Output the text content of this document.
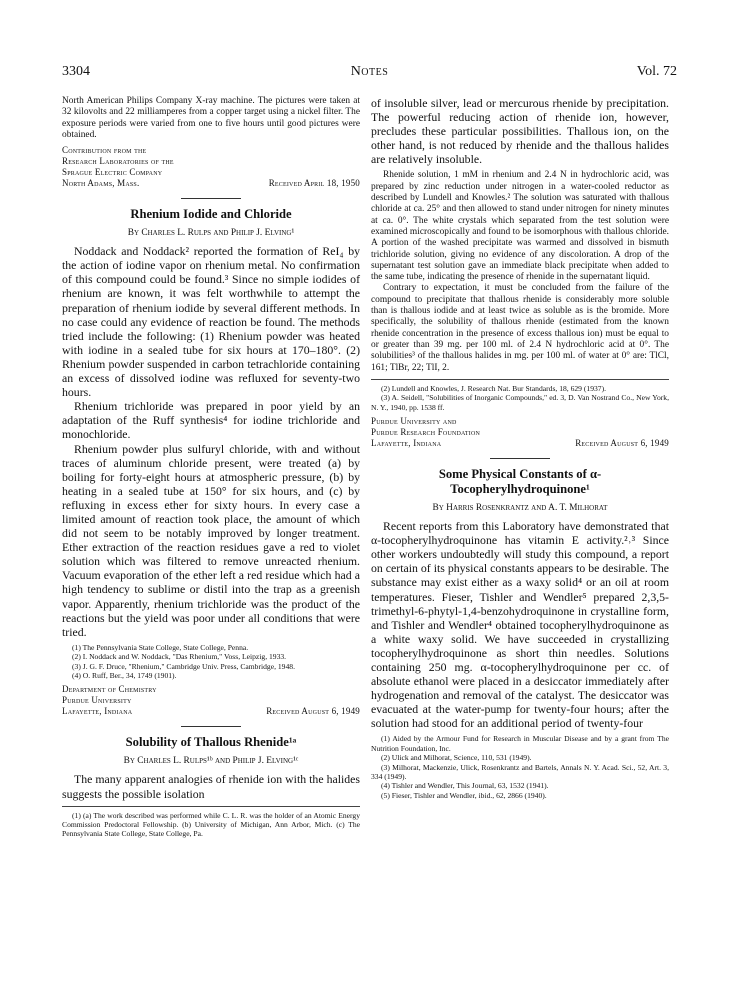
3304	Notes	Vol. 72

North American Philips Company X-ray machine. The pictures were taken at 32 kilovolts and 22 milliamperes from a copper target using a nickel filter. The exposure periods were varied from one to five hours until good pictures were obtained.

Contribution from the
Research Laboratories of the
Sprague Electric Company
North Adams, Mass.	Received April 18, 1950
Rhenium Iodide and Chloride
By Charles L. Rulps and Philip J. Elving¹

Noddack and Noddack² reported the formation of ReI₄ by the action of iodine vapor on rhenium metal. No confirmation of this compound could be found.³ Since no simple iodides of rhenium are known, it was felt worthwhile to attempt the preparation of rhenium iodide by several different methods. In no case could any evidence of reaction be found. The methods tried include the following: (1) Rhenium powder was heated with iodine in a sealed tube for six hours at 170–180°. (2) Rhenium powder suspended in carbon tetrachloride containing an excess of dissolved iodine was refluxed for seventy-two hours.

Rhenium trichloride was prepared in poor yield by an adaptation of the Ruff synthesis⁴ for iodine trichloride and monochloride.

Rhenium powder plus sulfuryl chloride, with and without traces of aluminum chloride present, were treated (a) by boiling for forty-eight hours at atmospheric pressure, (b) by heating in a sealed tube at 150° for six hours, and (c) by refluxing in excess ether for sixty hours. In every case a limited amount of reaction took place, the amount of which did not seem to be notably improved by longer treatment. Ether extraction of the reaction residues gave a red to violet solution which was filtered to remove unreacted rhenium. Vacuum evaporation of the ether left a red residue which had a high tendency to sublime or distil into the trap as a greenish vapor. Apparently, rhenium trichloride was the product of the reactions but the yield was poor under all conditions that were tried.

(1) The Pennsylvania State College, State College, Penna.

(2) I. Noddack and W. Noddack, "Das Rhenium," Voss, Leipzig, 1933.

(3) J. G. F. Druce, "Rhenium," Cambridge Univ. Press, Cambridge, 1948.

(4) O. Ruff, Ber., 34, 1749 (1901).

Department of Chemistry
Purdue University
Lafayette, Indiana	Received August 6, 1949
Solubility of Thallous Rhenide¹ᵃ
By Charles L. Rulps¹ᵇ and Philip J. Elving¹ᶜ

The many apparent analogies of rhenide ion with the halides suggests the possible isolation

(1) (a) The work described was performed while C. L. R. was the holder of an Atomic Energy Commission Predoctoral Fellowship. (b) University of Michigan, Ann Arbor, Mich. (c) The Pennsylvania State College, State College, Pa.

of insoluble silver, lead or mercurous rhenide by precipitation. The powerful reducing action of rhenide ion, however, precludes these particular possibilities. Thallous ion, on the other hand, is not reduced by rhenide and the thallous halides are relatively insoluble.

Rhenide solution, 1 mM in rhenium and 2.4 N in hydrochloric acid, was prepared by zinc reduction under nitrogen in a water-cooled reductor as described by Lundell and Knowles.² The solution was saturated with thallous chloride at ca. 25° and then allowed to stand under nitrogen for ninety minutes at ca. 0°. The white crystals which separated from the test solution were examined microscopically and found to be isomorphous with thallous chloride. A portion of the washed precipitate was warmed and dissolved in bismuth trichloride solution, giving no evidence of any discoloration. A drop of the supernatant test solution gave an immediate black precipitate when added to the same tube, indicating the presence of rhenide in the supernatant liquid.

Contrary to expectation, it must be concluded from the failure of the compound to precipitate that thallous rhenide is considerably more soluble than is thallous iodide and at least twice as soluble as is the bromide. More specifically, the solubility of thallous rhenide (estimated from the known rhenide concentration in the presence of excess thallous ion) must be equal to or greater than 39 mg. per 100 ml. of 2.4 N hydrochloric acid at 0°. The solubilities³ of the thallous halides in mg. per 100 ml. of water at 0° are: TlCl, 161; TlBr, 22; TlI, 2.

(2) Lundell and Knowles, J. Research Nat. Bur Standards, 18, 629 (1937).

(3) A. Seidell, "Solubilities of Inorganic Compounds," ed. 3, D. Van Nostrand Co., New York, N. Y., 1940, pp. 1538 ff.

Purdue University and
Purdue Research Foundation
Lafayette, Indiana	Received August 6, 1949
Some Physical Constants of α-Tocopherylhydroquinone¹
By Harris Rosenkrantz and A. T. Milhorat

Recent reports from this Laboratory have demonstrated that α-tocopherylhydroquinone has vitamin E activity.²˒³ Since other workers undoubtedly will study this compound, a report on certain of its physical constants appears to be desirable. The substance may exist either as a waxy solid⁴ or an oil at room temperatures. Fieser, Tishler and Wendler⁵ prepared 2,3,5-trimethyl-6-phytyl-1,4-benzohydroquinone in crystalline form, and Tishler and Wendler⁴ obtained tocopherylhydroquinone as a white waxy solid. We have succeeded in crystallizing tocopherylhydroquinone as short thin needles. Solutions containing 250 mg. α-tocopherylhydroquinone per cc. of absolute ethanol were placed in a desiccator immediately after hydrogenation and removal of the catalyst. The desiccator was evacuated at the water-pump for twenty-four hours; after the solution had stood for an additional period of twenty-four

(1) Aided by the Armour Fund for Research in Muscular Disease and by a grant from The Nutrition Foundation, Inc.

(2) Ulick and Milhorat, Science, 110, 531 (1949).

(3) Milhorat, Mackenzie, Ulick, Rosenkrantz and Bartels, Annals N. Y. Acad. Sci., 52, Art. 3, 334 (1949).

(4) Tishler and Wendler, This Journal, 63, 1532 (1941).

(5) Fieser, Tishler and Wendler, ibid., 62, 2866 (1940).
